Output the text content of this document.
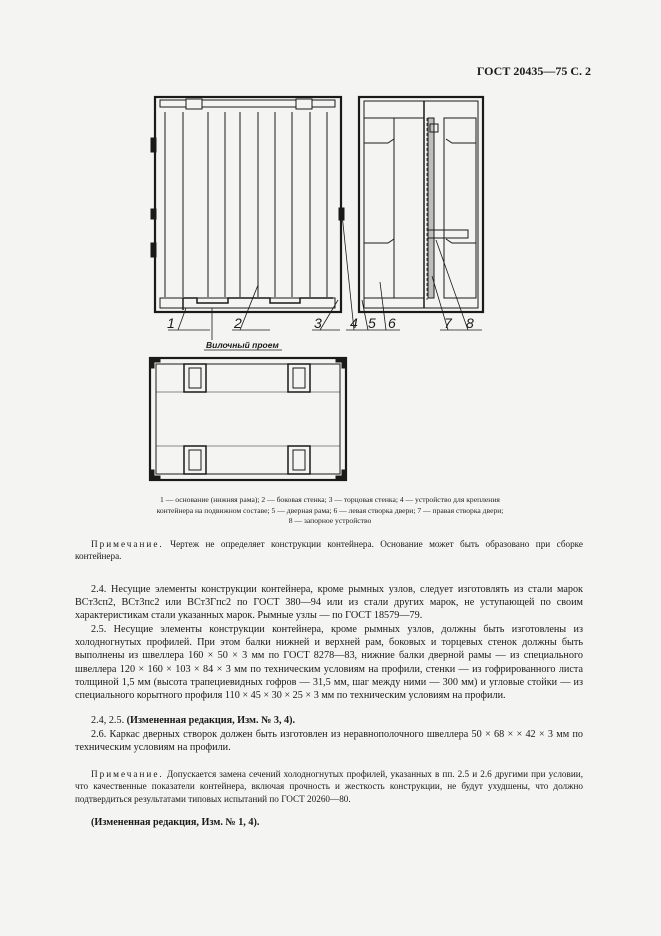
ГОСТ 20435—75 С. 2
1	2	3 4 5 6	7 8
Вилочный проем
1 — основание (нижняя рама); 2 — боковая стенка; 3 — торцовая стенка; 4 — устройство для крепления
контейнера на подвижном составе; 5 — дверная рама; 6 — левая створка двери; 7 — правая створка двери;
8 — запорное устройство

Примечание. Чертеж не определяет конструкции контейнера. Основание может быть образовано при сборке контейнера.

2.4. Несущие элементы конструкции контейнера, кроме рымных узлов, следует изготовлять из стали марок ВСт3сп2, ВСт3пс2 или ВСт3Гпс2 по ГОСТ 380—94 или из стали других марок, не уступающей по своим характеристикам стали указанных марок. Рымные узлы — по ГОСТ 18579—79.

2.5. Несущие элементы конструкции контейнера, кроме рымных узлов, должны быть изготовлены из холодногнутых профилей. При этом балки нижней и верхней рам, боковых и торцевых стенок должны быть выполнены из швеллера 160 × 50 × 3 мм по ГОСТ 8278—83, нижние балки дверной рамы — из специального швеллера 120 × 160 × 103 × 84 × 3 мм по техническим условиям на профили, стенки — из гофрированного листа толщиной 1,5 мм (высота трапециевидных гофров — 31,5 мм, шаг между ними — 300 мм) и угловые стойки — из специального корытного профиля 110 × 45 × 30 × 25 × 3 мм по техническим условиям на профили.

2.4, 2.5. (Измененная редакция, Изм. № 3, 4).

2.6. Каркас дверных створок должен быть изготовлен из неравнополочного швеллера 50 × 68 × × 42 × 3 мм по техническим условиям на профили.

Примечание. Допускается замена сечений холодногнутых профилей, указанных в пп. 2.5 и 2.6 другими при условии, что качественные показатели контейнера, включая прочность и жесткость конструкции, не будут ухудшены, что должно подтвердиться результатами типовых испытаний по ГОСТ 20260—80.

(Измененная редакция, Изм. № 1, 4).
